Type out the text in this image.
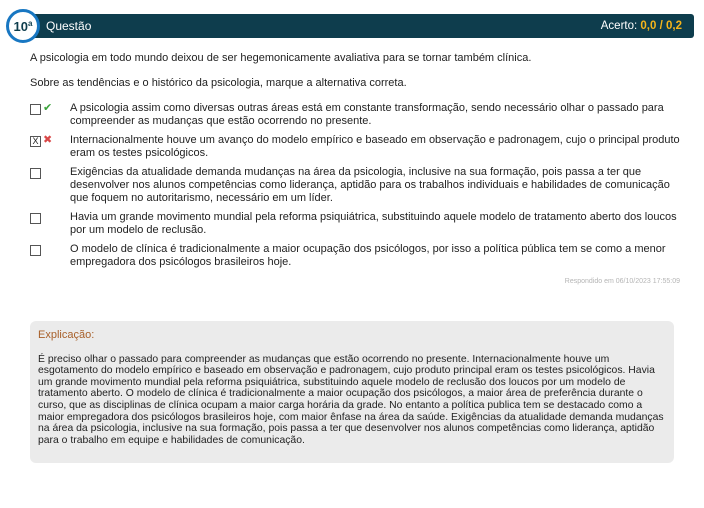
Questão	Acerto: 0,0 / 0,2
10$^a$

A psicologia em todo mundo deixou de ser hegemonicamente avaliativa para se tornar também clínica.

Sobre as tendências e o histórico da psicologia, marque a alternativa correta.

✔ A psicologia assim como diversas outras áreas está em constante transformação, sendo necessário olhar o passado para compreender as mudanças que estão ocorrendo no presente.
X ✖ Internacionalmente houve um avanço do modelo empírico e baseado em observação e padronagem, cujo o principal produto eram os testes psicológicos.
Exigências da atualidade demanda mudanças na área da psicologia, inclusive na sua formação, pois passa a ter que desenvolver nos alunos competências como liderança, aptidão para os trabalhos individuais e habilidades de comunicação que foquem no autoritarismo, necessário em um líder.
Havia um grande movimento mundial pela reforma psiquiátrica, substituindo aquele modelo de tratamento aberto dos loucos por um modelo de reclusão.
O modelo de clínica é tradicionalmente a maior ocupação dos psicólogos, por isso a política pública tem se como a menor empregadora dos psicólogos brasileiros hoje.
Respondido em 06/10/2023 17:55:09
Explicação:
É preciso olhar o passado para compreender as mudanças que estão ocorrendo no presente. Internacionalmente houve um esgotamento do modelo empírico e baseado em observação e padronagem, cujo produto principal eram os testes psicológicos. Havia um grande movimento mundial pela reforma psiquiátrica, substituindo aquele modelo de reclusão dos loucos por um modelo de tratamento aberto. O modelo de clínica é tradicionalmente a maior ocupação dos psicólogos, a maior área de preferência durante o curso, que as disciplinas de clínica ocupam a maior carga horária da grade. No entanto a política publica tem se destacado como a maior empregadora dos psicólogos brasileiros hoje, com maior ênfase na área da saúde. Exigências da atualidade demanda mudanças na área da psicologia, inclusive na sua formação, pois passa a ter que desenvolver nos alunos competências como liderança, aptidão para o trabalho em equipe e habilidades de comunicação.
